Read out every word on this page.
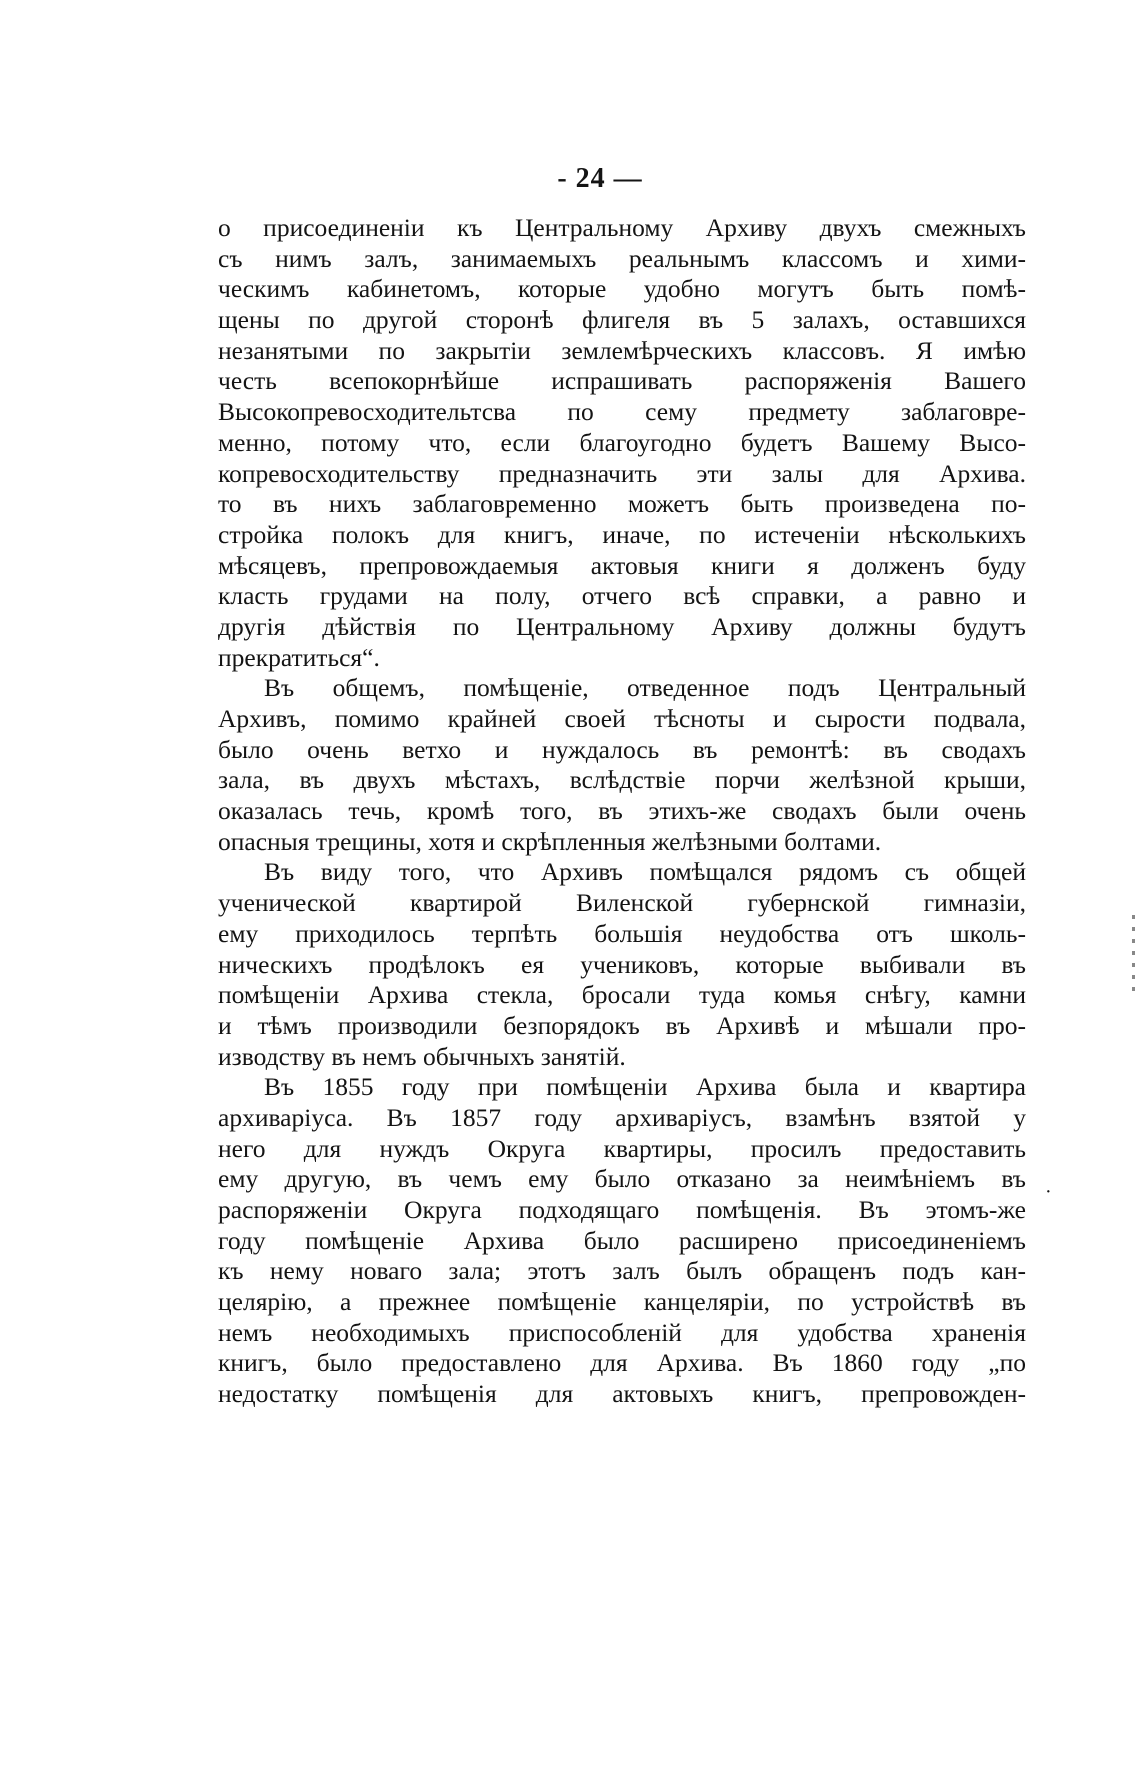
- 24 —
о присоединеніи къ Центральному Архиву двухъ смежныхъ
съ нимъ залъ, занимаемыхъ реальнымъ классомъ и хими-
ческимъ кабинетомъ, которые удобно могутъ быть помѣ-
щены по другой сторонѣ флигеля въ 5 залахъ, оставшихся
незанятыми по закрытіи землемѣрческихъ классовъ. Я имѣю
честь всепокорнѣйше испрашивать распоряженія Вашего
Высокопревосходительтсва по сему предмету заблаговре-
менно, потому что, если благоугодно будетъ Вашему Высо-
копревосходительству предназначить эти залы для Архива.
то въ нихъ заблаговременно можетъ быть произведена по-
стройка полокъ для книгъ, иначе, по истеченіи нѣсколькихъ
мѣсяцевъ, препровождаемыя актовыя книги я долженъ буду
класть грудами на полу, отчего всѣ справки, а равно и
другія дѣйствія по Центральному Архиву должны будутъ
прекратиться“.
Въ общемъ, помѣщеніе, отведенное подъ Центральный
Архивъ, помимо крайней своей тѣсноты и сырости подвала,
было очень ветхо и нуждалось въ ремонтѣ: въ сводахъ
зала, въ двухъ мѣстахъ, вслѣдствіе порчи желѣзной крыши,
оказалась течь, кромѣ того, въ этихъ-же сводахъ были очень
опасныя трещины, хотя и скрѣпленныя желѣзными болтами.
Въ виду того, что Архивъ помѣщался рядомъ съ общей
ученической квартирой Виленской губернской гимназіи,
ему приходилось терпѣть большія неудобства отъ школь-
ническихъ продѣлокъ ея учениковъ, которые выбивали въ
помѣщеніи Архива стекла, бросали туда комья снѣгу, камни
и тѣмъ производили безпорядокъ въ Архивѣ и мѣшали про-
изводству въ немъ обычныхъ занятій.
Въ 1855 году при помѣщеніи Архива была и квартира
архиваріуса. Въ 1857 году архиваріусъ, взамѣнъ взятой у
него для нуждъ Округа квартиры, просилъ предоставить
ему другую, въ чемъ ему было отказано за неимѣніемъ въ
распоряженіи Округа подходящаго помѣщенія. Въ этомъ-же
году помѣщеніе Архива было расширено присоединеніемъ
къ нему новаго зала; этотъ залъ былъ обращенъ подъ кан-
целярію, а прежнее помѣщеніе канцеляріи, по устройствѣ въ
немъ необходимыхъ приспособленій для удобства храненія
книгъ, было предоставлено для Архива. Въ 1860 году „по
недостатку помѣщенія для актовыхъ книгъ, препровожден-
·
